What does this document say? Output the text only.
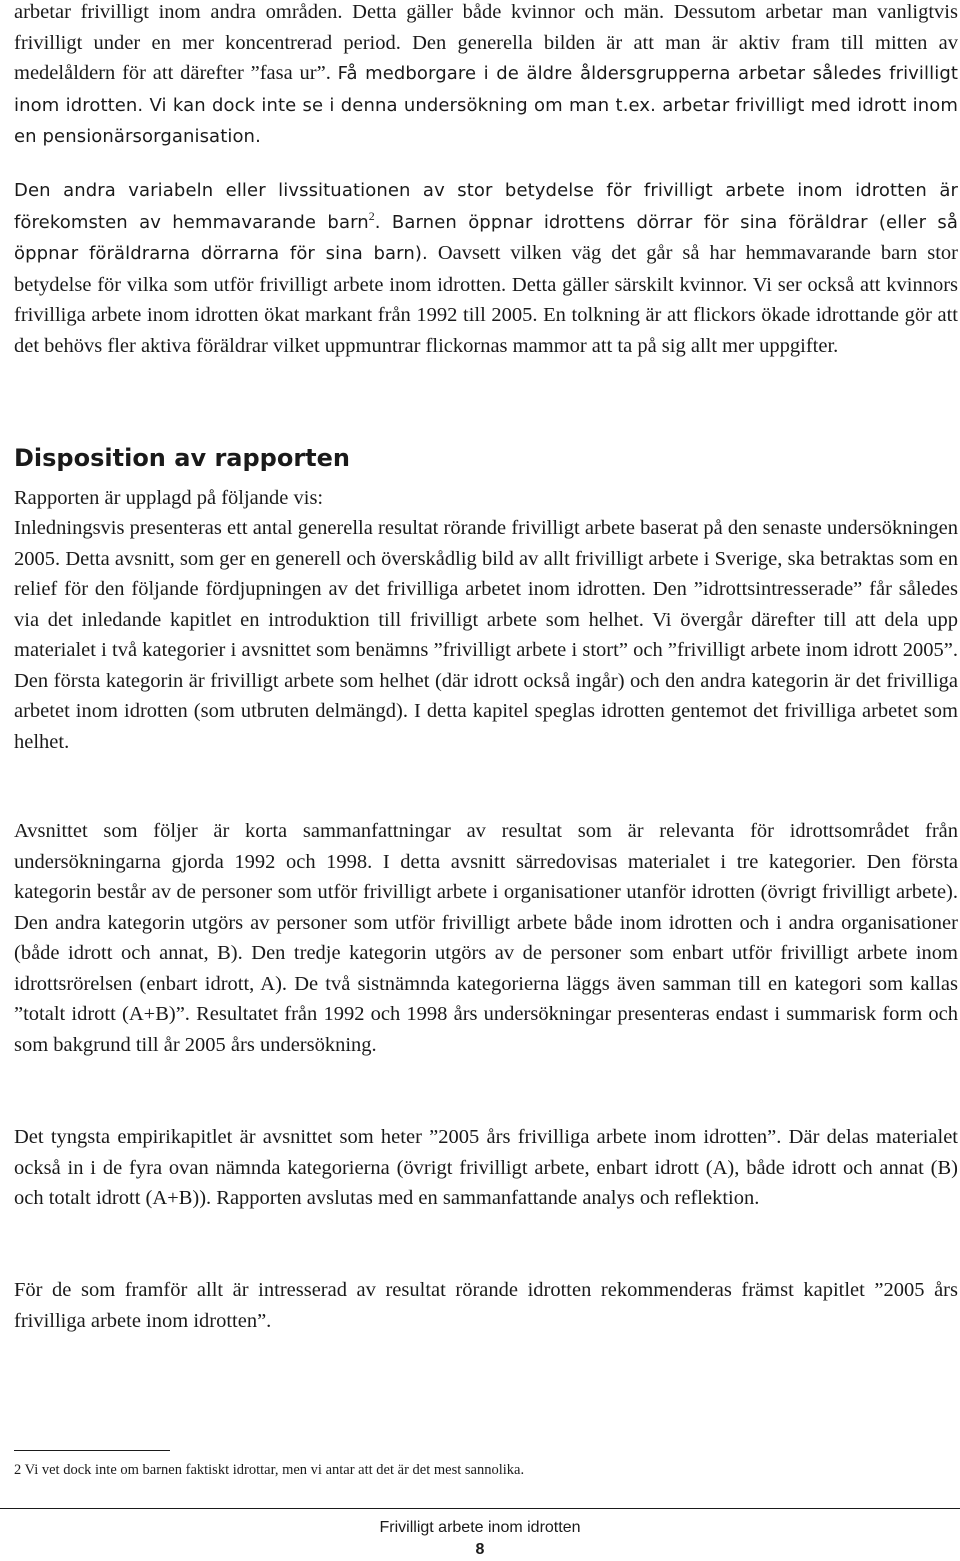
arbetar frivilligt inom andra områden. Detta gäller både kvinnor och män. Dessutom arbetar man vanligtvis frivilligt under en mer koncentrerad period. Den generella bilden är att man är aktiv fram till mitten av medelåldern för att därefter ”fasa ur”. Få medborgare i de äldre åldersgrupperna arbetar således frivilligt inom idrotten. Vi kan dock inte se i denna undersökning om man t.ex. arbetar frivilligt med idrott inom en pensionärsorganisation.

Den andra variabeln eller livssituationen av stor betydelse för frivilligt arbete inom idrotten är förekomsten av hemmavarande barn$^2$. Barnen öppnar idrottens dörrar för sina föräldrar (eller så öppnar föräldrarna dörrarna för sina barn). Oavsett vilken väg det går så har hemmavarande barn stor betydelse för vilka som utför frivilligt arbete inom idrotten. Detta gäller särskilt kvinnor. Vi ser också att kvinnors frivilliga arbete inom idrotten ökat markant från 1992 till 2005. En tolkning är att flickors ökade idrottande gör att det behövs fler aktiva föräldrar vilket uppmuntrar flickornas mammor att ta på sig allt mer uppgifter.

Rapporten är upplagd på följande vis:

Inledningsvis presenteras ett antal generella resultat rörande frivilligt arbete baserat på den senaste undersökningen 2005. Detta avsnitt, som ger en generell och överskådlig bild av allt frivilligt arbete i Sverige, ska betraktas som en relief för den följande fördjupningen av det frivilliga arbetet inom idrotten. Den ”idrottsintresserade” får således via det inledande kapitlet en introduktion till frivilligt arbete som helhet. Vi övergår därefter till att dela upp materialet i två kategorier i avsnittet som benämns ”frivilligt arbete i stort” och ”frivilligt arbete inom idrott 2005”. Den första kategorin är frivilligt arbete som helhet (där idrott också ingår) och den andra kategorin är det frivilliga arbetet inom idrotten (som utbruten delmängd). I detta kapitel speglas idrotten gentemot det frivilliga arbetet som helhet.

Avsnittet som följer är korta sammanfattningar av resultat som är relevanta för idrottsområdet från undersökningarna gjorda 1992 och 1998. I detta avsnitt särredovisas materialet i tre kategorier. Den första kategorin består av de personer som utför frivilligt arbete i organisationer utanför idrotten (övrigt frivilligt arbete). Den andra kategorin utgörs av personer som utför frivilligt arbete både inom idrotten och i andra organisationer (både idrott och annat, B). Den tredje kategorin utgörs av de personer som enbart utför frivilligt arbete inom idrottsrörelsen (enbart idrott, A). De två sistnämnda kategorierna läggs även samman till en kategori som kallas ”totalt idrott (A+B)”. Resultatet från 1992 och 1998 års undersökningar presenteras endast i summarisk form och som bakgrund till år 2005 års undersökning.

Det tyngsta empirikapitlet är avsnittet som heter ”2005 års frivilliga arbete inom idrotten”. Där delas materialet också in i de fyra ovan nämnda kategorierna (övrigt frivilligt arbete, enbart idrott (A), både idrott och annat (B) och totalt idrott (A+B)). Rapporten avslutas med en sammanfattande analys och reflektion.

För de som framför allt är intresserad av resultat rörande idrotten rekommenderas främst kapitlet ”2005 års frivilliga arbete inom idrotten”.

Disposition av rapporten

2 Vi vet dock inte om barnen faktiskt idrottar, men vi antar att det är det mest sannolika.

Frivilligt arbete inom idrotten
8
